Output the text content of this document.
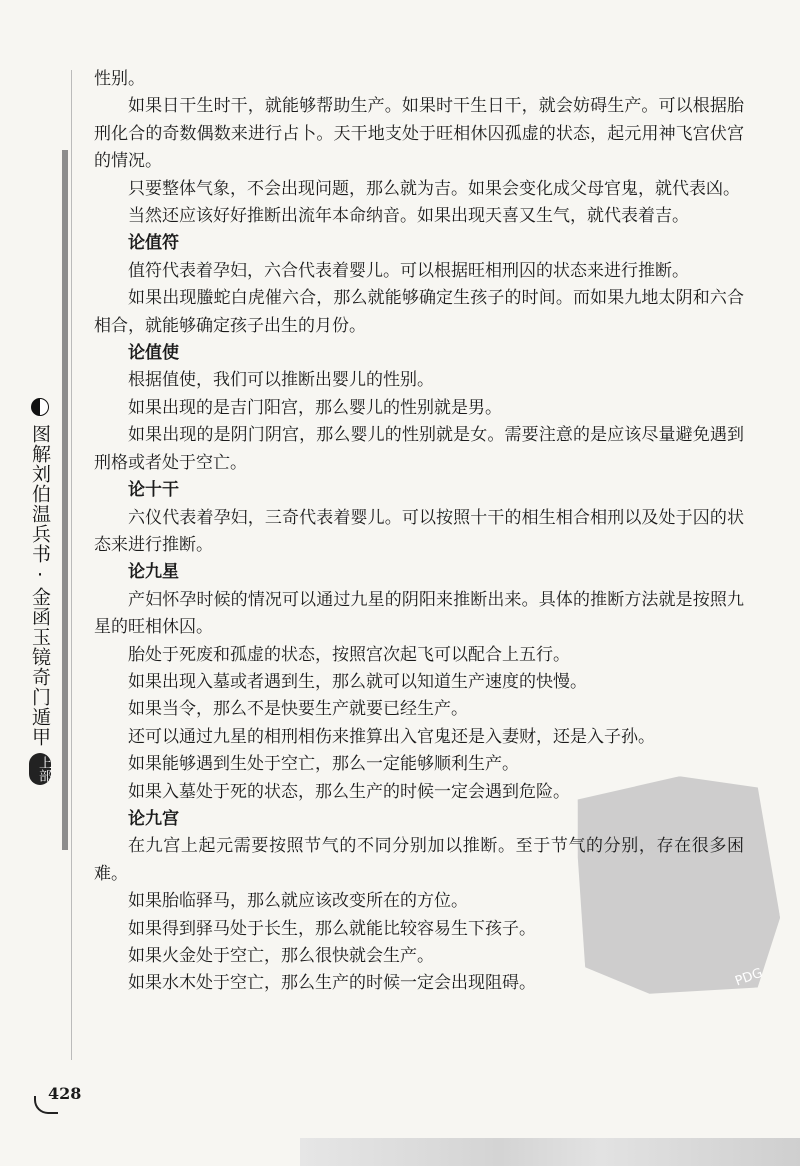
图解刘伯温兵书·金函玉镜奇门遁甲
上部
PDG

性别。

如果日干生时干，就能够帮助生产。如果时干生日干，就会妨碍生产。可以根据胎刑化合的奇数偶数来进行占卜。天干地支处于旺相休囚孤虚的状态，起元用神飞宫伏宫的情况。

只要整体气象，不会出现问题，那么就为吉。如果会变化成父母官鬼，就代表凶。

当然还应该好好推断出流年本命纳音。如果出现天喜又生气，就代表着吉。

论值符

值符代表着孕妇，六合代表着婴儿。可以根据旺相刑囚的状态来进行推断。

如果出现螣蛇白虎催六合，那么就能够确定生孩子的时间。而如果九地太阴和六合相合，就能够确定孩子出生的月份。

论值使

根据值使，我们可以推断出婴儿的性别。

如果出现的是吉门阳宫，那么婴儿的性别就是男。

如果出现的是阴门阴宫，那么婴儿的性别就是女。需要注意的是应该尽量避免遇到刑格或者处于空亡。

论十干

六仪代表着孕妇，三奇代表着婴儿。可以按照十干的相生相合相刑以及处于囚的状态来进行推断。

论九星

产妇怀孕时候的情况可以通过九星的阴阳来推断出来。具体的推断方法就是按照九星的旺相休囚。

胎处于死废和孤虚的状态，按照宫次起飞可以配合上五行。

如果出现入墓或者遇到生，那么就可以知道生产速度的快慢。

如果当令，那么不是快要生产就要已经生产。

还可以通过九星的相刑相伤来推算出入官鬼还是入妻财，还是入子孙。

如果能够遇到生处于空亡，那么一定能够顺利生产。

如果入墓处于死的状态，那么生产的时候一定会遇到危险。

论九宫

在九宫上起元需要按照节气的不同分别加以推断。至于节气的分别，存在很多困难。

如果胎临驿马，那么就应该改变所在的方位。

如果得到驿马处于长生，那么就能比较容易生下孩子。

如果火金处于空亡，那么很快就会生产。

如果水木处于空亡，那么生产的时候一定会出现阻碍。

428
